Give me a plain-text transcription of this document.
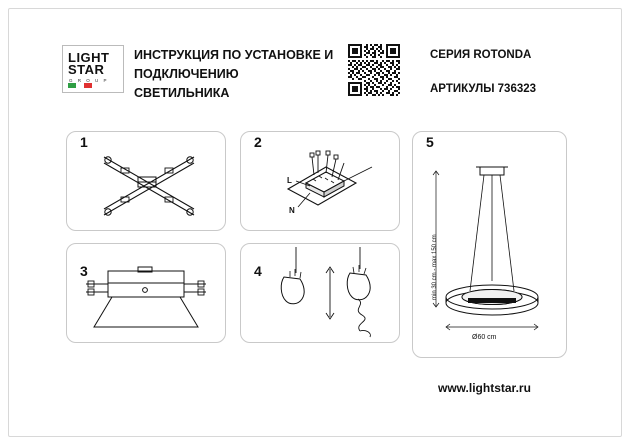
LIGHT
STAR
G R O U P
ИНСТРУКЦИЯ ПО УСТАНОВКЕ И
ПОДКЛЮЧЕНИЮ СВЕТИЛЬНИКА
СЕРИЯ ROTONDA
АРТИКУЛЫ 736323
1	2
L
N
3	4
5
min 30 cm - max 150 cm
Ø60 cm
www.lightstar.ru
